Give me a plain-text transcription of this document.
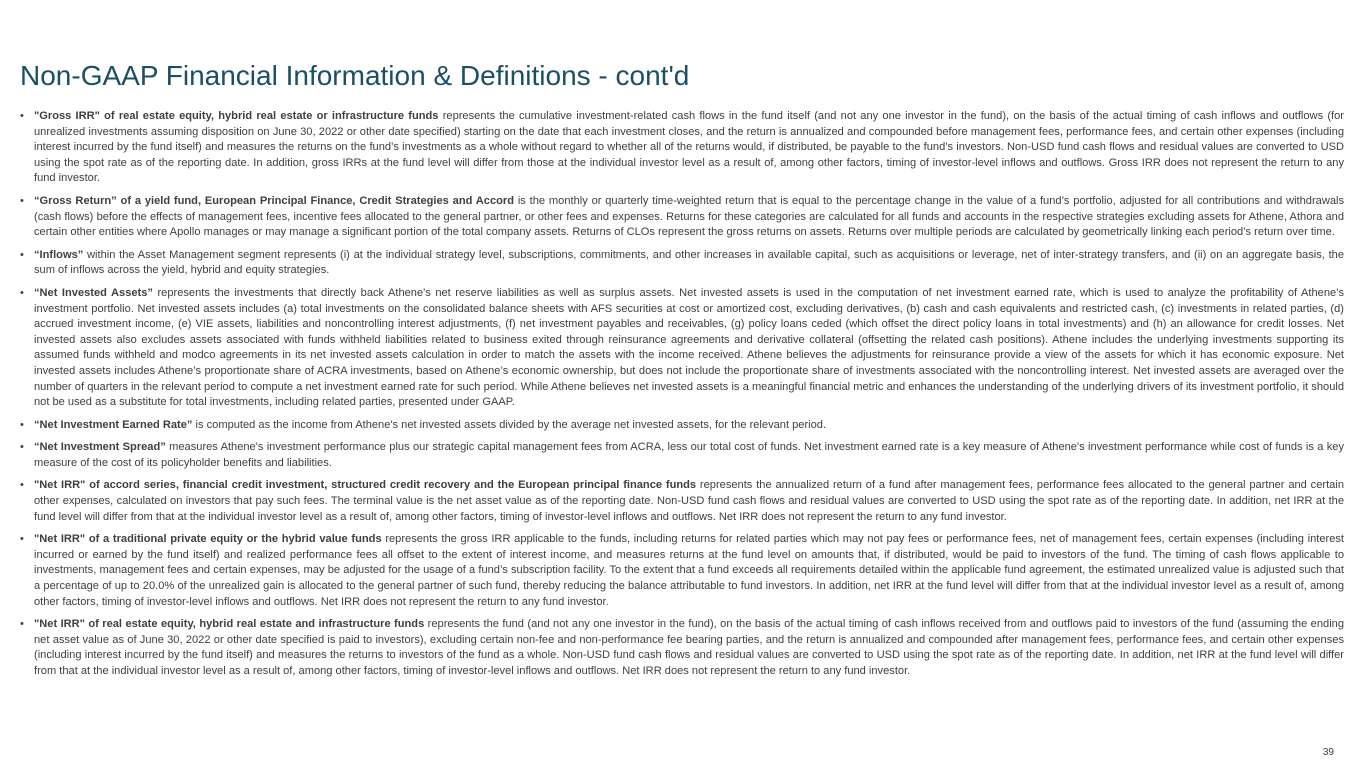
Non-GAAP Financial Information & Definitions - cont'd
• "Gross IRR" of real estate equity, hybrid real estate or infrastructure funds represents the cumulative investment-related cash flows in the fund itself (and not any one investor in the fund), on the basis of the actual timing of cash inflows and outflows (for unrealized investments assuming disposition on June 30, 2022 or other date specified) starting on the date that each investment closes, and the return is annualized and compounded before management fees, performance fees, and certain other expenses (including interest incurred by the fund itself) and measures the returns on the fund’s investments as a whole without regard to whether all of the returns would, if distributed, be payable to the fund’s investors. Non-USD fund cash flows and residual values are converted to USD using the spot rate as of the reporting date. In addition, gross IRRs at the fund level will differ from those at the individual investor level as a result of, among other factors, timing of investor-level inflows and outflows. Gross IRR does not represent the return to any fund investor.
• “Gross Return” of a yield fund, European Principal Finance, Credit Strategies and Accord is the monthly or quarterly time-weighted return that is equal to the percentage change in the value of a fund’s portfolio, adjusted for all contributions and withdrawals (cash flows) before the effects of management fees, incentive fees allocated to the general partner, or other fees and expenses. Returns for these categories are calculated for all funds and accounts in the respective strategies excluding assets for Athene, Athora and certain other entities where Apollo manages or may manage a significant portion of the total company assets. Returns of CLOs represent the gross returns on assets. Returns over multiple periods are calculated by geometrically linking each period’s return over time.
• “Inflows” within the Asset Management segment represents (i) at the individual strategy level, subscriptions, commitments, and other increases in available capital, such as acquisitions or leverage, net of inter-strategy transfers, and (ii) on an aggregate basis, the sum of inflows across the yield, hybrid and equity strategies.
• “Net Invested Assets” represents the investments that directly back Athene's net reserve liabilities as well as surplus assets. Net invested assets is used in the computation of net investment earned rate, which is used to analyze the profitability of Athene’s investment portfolio. Net invested assets includes (a) total investments on the consolidated balance sheets with AFS securities at cost or amortized cost, excluding derivatives, (b) cash and cash equivalents and restricted cash, (c) investments in related parties, (d) accrued investment income, (e) VIE assets, liabilities and noncontrolling interest adjustments, (f) net investment payables and receivables, (g) policy loans ceded (which offset the direct policy loans in total investments) and (h) an allowance for credit losses. Net invested assets also excludes assets associated with funds withheld liabilities related to business exited through reinsurance agreements and derivative collateral (offsetting the related cash positions). Athene includes the underlying investments supporting its assumed funds withheld and modco agreements in its net invested assets calculation in order to match the assets with the income received. Athene believes the adjustments for reinsurance provide a view of the assets for which it has economic exposure. Net invested assets includes Athene’s proportionate share of ACRA investments, based on Athene’s economic ownership, but does not include the proportionate share of investments associated with the noncontrolling interest. Net invested assets are averaged over the number of quarters in the relevant period to compute a net investment earned rate for such period. While Athene believes net invested assets is a meaningful financial metric and enhances the understanding of the underlying drivers of its investment portfolio, it should not be used as a substitute for total investments, including related parties, presented under GAAP.
• “Net Investment Earned Rate” is computed as the income from Athene's net invested assets divided by the average net invested assets, for the relevant period.
• “Net Investment Spread” measures Athene's investment performance plus our strategic capital management fees from ACRA, less our total cost of funds. Net investment earned rate is a key measure of Athene's investment performance while cost of funds is a key measure of the cost of its policyholder benefits and liabilities.
• "Net IRR" of accord series, financial credit investment, structured credit recovery and the European principal finance funds represents the annualized return of a fund after management fees, performance fees allocated to the general partner and certain other expenses, calculated on investors that pay such fees. The terminal value is the net asset value as of the reporting date. Non-USD fund cash flows and residual values are converted to USD using the spot rate as of the reporting date. In addition, net IRR at the fund level will differ from that at the individual investor level as a result of, among other factors, timing of investor-level inflows and outflows. Net IRR does not represent the return to any fund investor.
• "Net IRR" of a traditional private equity or the hybrid value funds represents the gross IRR applicable to the funds, including returns for related parties which may not pay fees or performance fees, net of management fees, certain expenses (including interest incurred or earned by the fund itself) and realized performance fees all offset to the extent of interest income, and measures returns at the fund level on amounts that, if distributed, would be paid to investors of the fund. The timing of cash flows applicable to investments, management fees and certain expenses, may be adjusted for the usage of a fund’s subscription facility. To the extent that a fund exceeds all requirements detailed within the applicable fund agreement, the estimated unrealized value is adjusted such that a percentage of up to 20.0% of the unrealized gain is allocated to the general partner of such fund, thereby reducing the balance attributable to fund investors. In addition, net IRR at the fund level will differ from that at the individual investor level as a result of, among other factors, timing of investor-level inflows and outflows. Net IRR does not represent the return to any fund investor.
• "Net IRR" of real estate equity, hybrid real estate and infrastructure funds represents the fund (and not any one investor in the fund), on the basis of the actual timing of cash inflows received from and outflows paid to investors of the fund (assuming the ending net asset value as of June 30, 2022 or other date specified is paid to investors), excluding certain non-fee and non-performance fee bearing parties, and the return is annualized and compounded after management fees, performance fees, and certain other expenses (including interest incurred by the fund itself) and measures the returns to investors of the fund as a whole. Non-USD fund cash flows and residual values are converted to USD using the spot rate as of the reporting date. In addition, net IRR at the fund level will differ from that at the individual investor level as a result of, among other factors, timing of investor-level inflows and outflows. Net IRR does not represent the return to any fund investor.
39
